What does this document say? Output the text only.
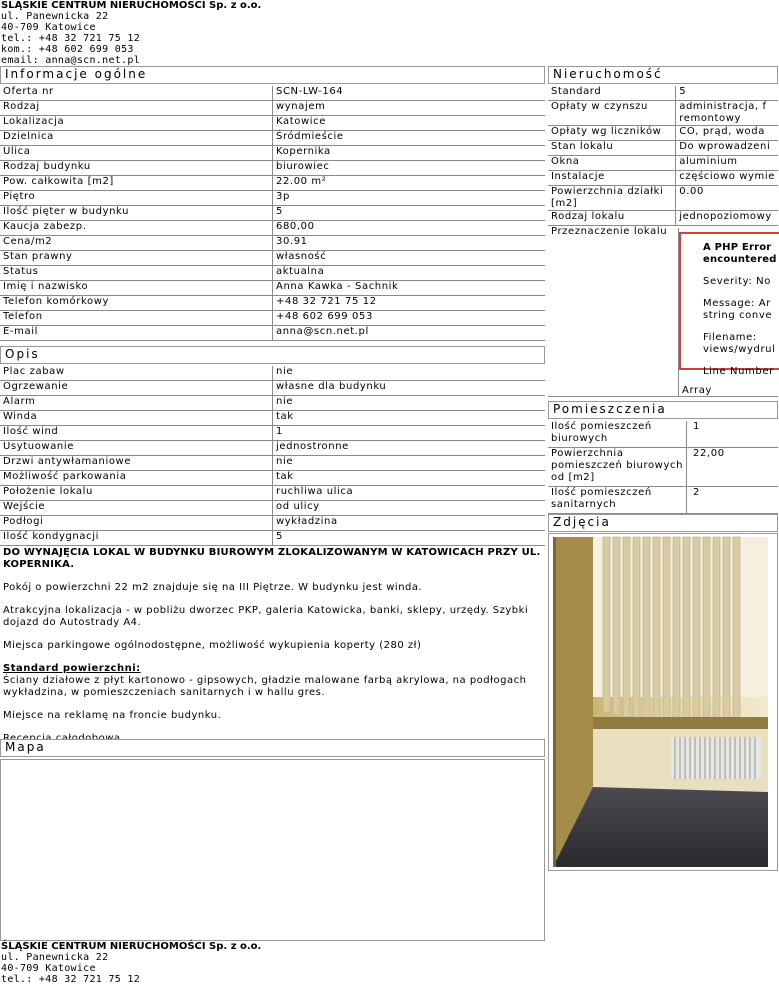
ŚLĄSKIE CENTRUM NIERUCHOMOŚCI Sp. z o.o.
ul. Panewnicka 22
40-709 Katowice
tel.: +48 32 721 75 12
kom.: +48 602 699 053
email: anna@scn.net.pl
Informacje ogólne
Oferta nr	SCN-LW-164
Rodzaj	wynajem
Lokalizacja	Katowice
Dzielnica	Śródmieście
Ulica	Kopernika
Rodzaj budynku	biurowiec
Pow. całkowita [m2]	22.00 m²
Piętro	3p
Ilość pięter w budynku	5
Kaucja zabezp.	680,00
Cena/m2	30.91
Stan prawny	własność
Status	aktualna
Imię i nazwisko	Anna Kawka - Sachnik
Telefon komórkowy	+48 32 721 75 12
Telefon	+48 602 699 053
E-mail	anna@scn.net.pl
Opis
Plac zabaw	nie
Ogrzewanie	własne dla budynku
Alarm	nie
Winda	tak
Ilość wind	1
Usytuowanie	jednostronne
Drzwi antywłamaniowe	nie
Możliwość parkowania	tak
Położenie lokalu	ruchliwa ulica
Wejście	od ulicy
Podłogi	wykładzina
Ilość kondygnacji	5

DO WYNAJĘCIA LOKAL W BUDYNKU BIUROWYM ZLOKALIZOWANYM W KATOWICACH PRZY UL. KOPERNIKA.

Pokój o powierzchni 22 m2 znajduje się na III Piętrze. W budynku jest winda.

Atrakcyjna lokalizacja - w pobliżu dworzec PKP, galeria Katowicka, banki, sklepy, urzędy. Szybki dojazd do Autostrady A4.

Miejsca parkingowe ogólnodostępne, możliwość wykupienia koperty (280 zł)

Standard powierzchni:
Ściany działowe z płyt kartonowo - gipsowych, gładzie malowane farbą akrylowa, na podłogach wykładzina, w pomieszczeniach sanitarnych i w hallu gres.

Miejsce na reklamę na froncie budynku.

Mapa
ŚLĄSKIE CENTRUM NIERUCHOMOŚCI Sp. z o.o.
ul. Panewnicka 22
40-709 Katowice
tel.: +48 32 721 75 12
Nieruchomość
Standard	5
Opłaty w czynszu	administracja, f
remontowy
Opłaty wg liczników	CO, prąd, woda
Stan lokalu	Do wprowadzeni
Okna	aluminium
Instalacje	częściowo wymie
Powierzchnia działki
[m2]	0.00
Rodzaj lokalu	jednopoziomowy
Przeznaczenie lokalu	
A PHP Error
encountered
Severity: No
Message: Ar
string conve
Filename:
views/wydrul
Line Number
Array
Pomieszczenia
Ilość pomieszczeń
biurowych	1
Powierzchnia
pomieszczeń biurowych
od [m2]	22,00
Ilość pomieszczeń
sanitarnych	2
Zdjęcia
